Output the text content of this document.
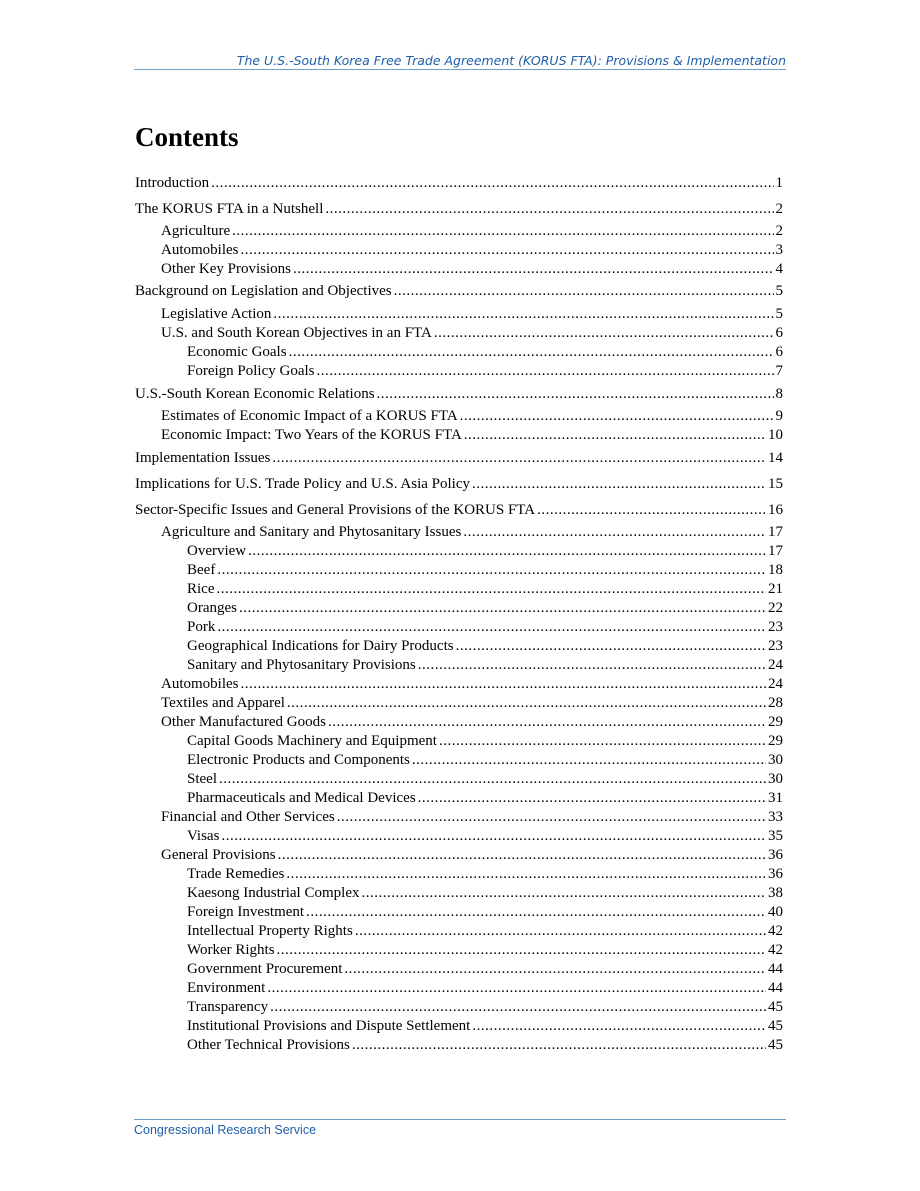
The U.S.-South Korea Free Trade Agreement (KORUS FTA): Provisions & Implementation
Contents
Introduction .....	1
The KORUS FTA in a Nutshell .....	2
Agriculture .....	2
Automobiles .....	3
Other Key Provisions .....	4
Background on Legislation and Objectives .....	5
Legislative Action .....	5
U.S. and South Korean Objectives in an FTA .....	6
Economic Goals .....	6
Foreign Policy Goals .....	7
U.S.-South Korean Economic Relations .....	8
Estimates of Economic Impact of a KORUS FTA .....	9
Economic Impact: Two Years of the KORUS FTA .....	10
Implementation Issues .....	14
Implications for U.S. Trade Policy and U.S. Asia Policy .....	15
Sector-Specific Issues and General Provisions of the KORUS FTA .....	16
Agriculture and Sanitary and Phytosanitary Issues .....	17
Overview .....	17
Beef .....	18
Rice .....	21
Oranges .....	22
Pork .....	23
Geographical Indications for Dairy Products .....	23
Sanitary and Phytosanitary Provisions .....	24
Automobiles .....	24
Textiles and Apparel .....	28
Other Manufactured Goods .....	29
Capital Goods Machinery and Equipment .....	29
Electronic Products and Components .....	30
Steel .....	30
Pharmaceuticals and Medical Devices .....	31
Financial and Other Services .....	33
Visas .....	35
General Provisions .....	36
Trade Remedies .....	36
Kaesong Industrial Complex .....	38
Foreign Investment .....	40
Intellectual Property Rights .....	42
Worker Rights .....	42
Government Procurement .....	44
Environment .....	44
Transparency .....	45
Institutional Provisions and Dispute Settlement .....	45
Other Technical Provisions .....	45
Congressional Research Service
